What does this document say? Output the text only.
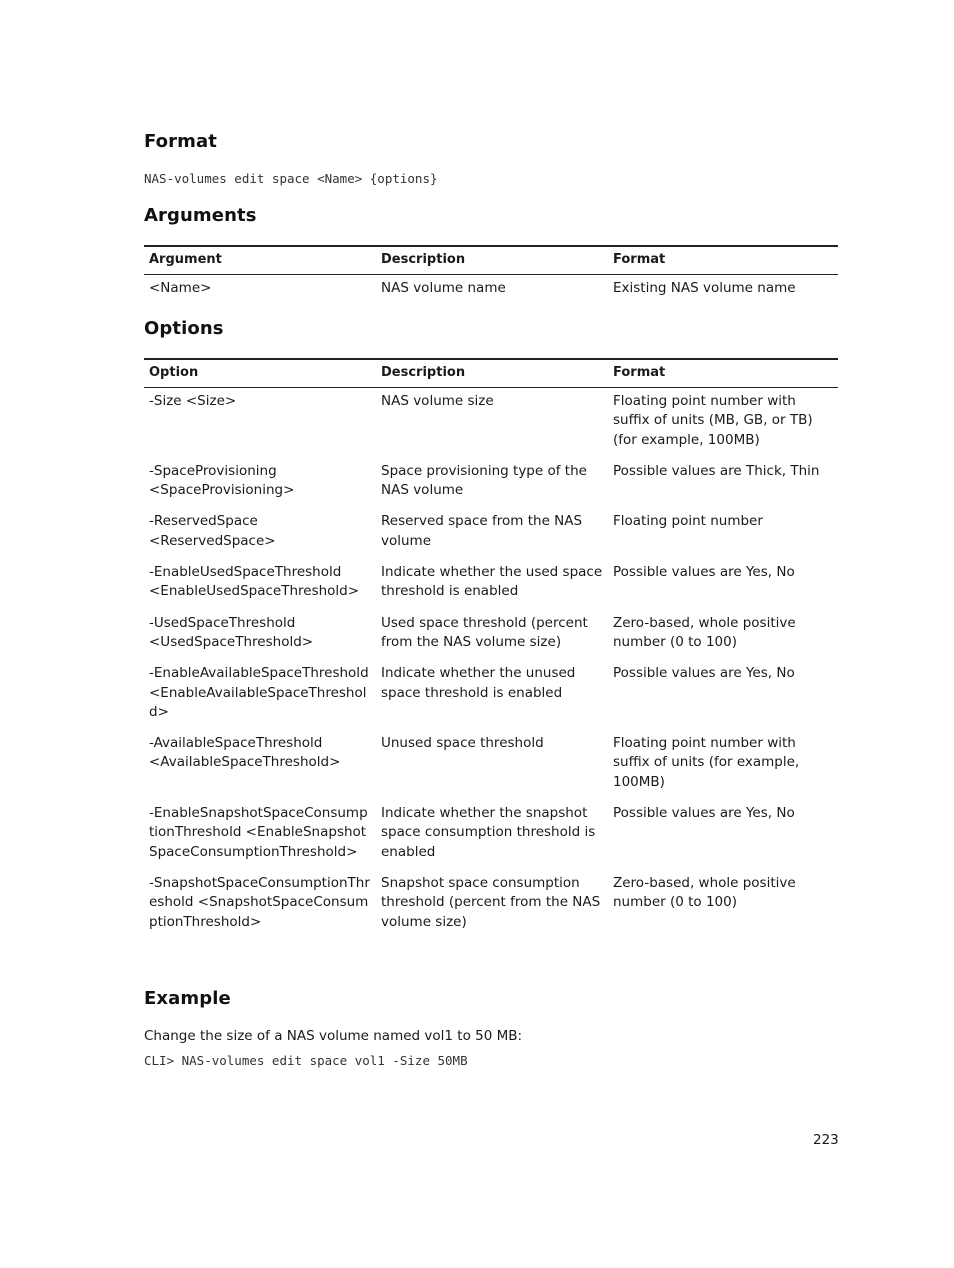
Format
NAS-volumes edit space <Name> {options}
Arguments
Argument	Description	Format
<Name>	NAS volume name	Existing NAS volume name
Options
Option	Description	Format
-Size <Size>	NAS volume size	Floating point number with suffix of units (MB, GB, or TB) (for example, 100MB)
-SpaceProvisioning <SpaceProvisioning>	Space provisioning type of the NAS volume	Possible values are Thick, Thin
-ReservedSpace <ReservedSpace>	Reserved space from the NAS volume	Floating point number
-EnableUsedSpaceThreshold <EnableUsedSpaceThreshold>	Indicate whether the used space threshold is enabled	Possible values are Yes, No
-UsedSpaceThreshold <UsedSpaceThreshold>	Used space threshold (percent from the NAS volume size)	Zero-based, whole positive number (0 to 100)
-EnableAvailableSpaceThreshold <EnableAvailableSpaceThreshold>	Indicate whether the unused space threshold is enabled	Possible values are Yes, No
-AvailableSpaceThreshold <AvailableSpaceThreshold>	Unused space threshold	Floating point number with suffix of units (for example, 100MB)
-EnableSnapshotSpaceConsumptionThreshold <EnableSnapshotSpaceConsumptionThreshold>	Indicate whether the snapshot space consumption threshold is enabled	Possible values are Yes, No
-SnapshotSpaceConsumptionThreshold <SnapshotSpaceConsumptionThreshold>	Snapshot space consumption threshold (percent from the NAS volume size)	Zero-based, whole positive number (0 to 100)
Example
Change the size of a NAS volume named vol1 to 50 MB:
CLI> NAS-volumes edit space vol1 -Size 50MB
223
